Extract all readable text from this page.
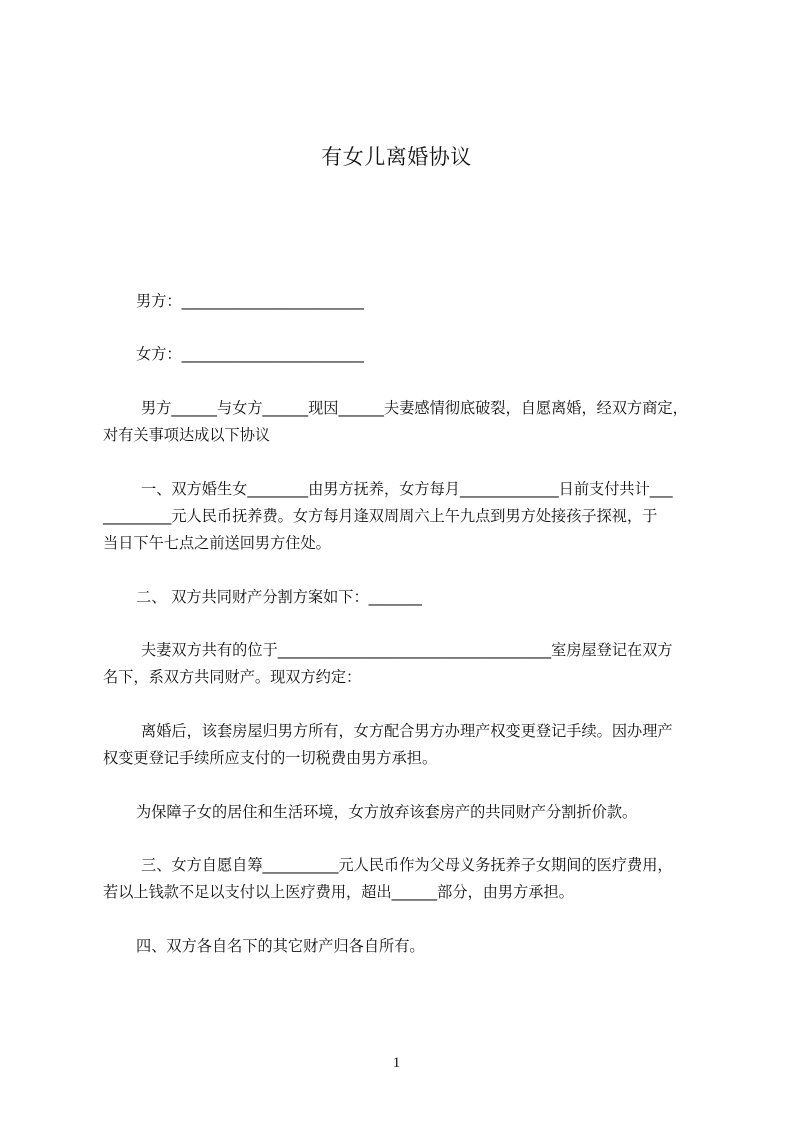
有女儿离婚协议
男方：________________________
女方：________________________
男方______与女方______现因______夫妻感情彻底破裂，自愿离婚，经双方商定，
对有关事项达成以下协议
一、双方婚生女________由男方抚养，女方每月_____________日前支付共计___
_________元人民币抚养费。女方每月逢双周周六上午九点到男方处接孩子探视，于
当日下午七点之前送回男方住处。
二、 双方共同财产分割方案如下：_______
夫妻双方共有的位于____________________________________室房屋登记在双方
名下，系双方共同财产。现双方约定：
离婚后，该套房屋归男方所有，女方配合男方办理产权变更登记手续。因办理产
权变更登记手续所应支付的一切税费由男方承担。
为保障子女的居住和生活环境，女方放弃该套房产的共同财产分割折价款。
三、女方自愿自筹__________元人民币作为父母义务抚养子女期间的医疗费用，
若以上钱款不足以支付以上医疗费用，超出______部分，由男方承担。
四、双方各自名下的其它财产归各自所有。
1
